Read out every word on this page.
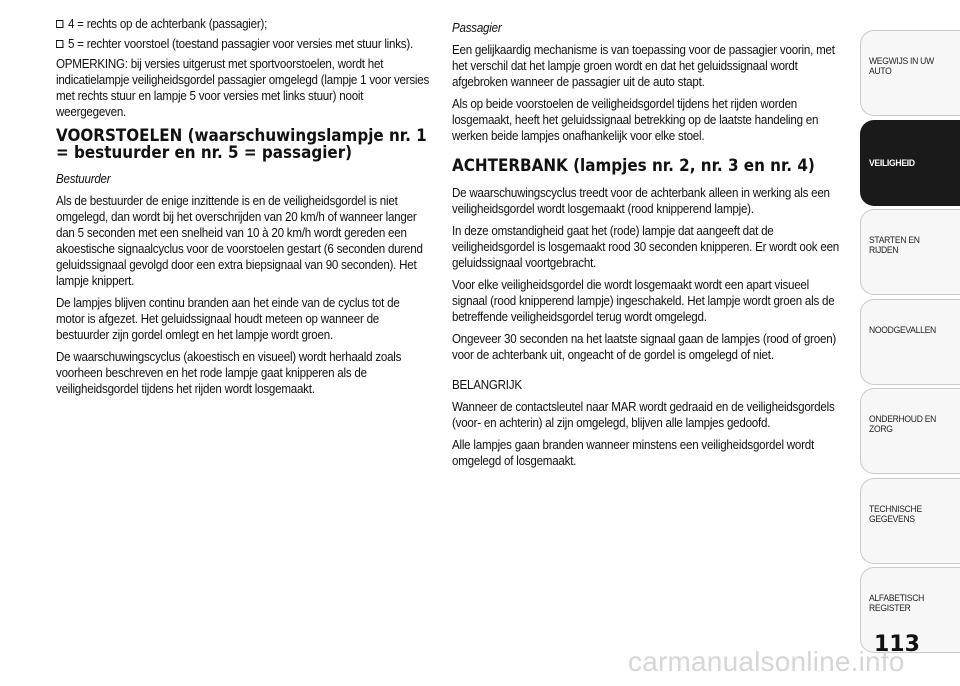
4 = rechts op de achterbank (passagier);
5 = rechter voorstoel (toestand passagier voor versies met stuur links).

OPMERKING: bij versies uitgerust met sportvoorstoelen, wordt het indicatielampje veiligheidsgordel passagier omgelegd (lampje 1 voor versies met rechts stuur en lampje 5 voor versies met links stuur) nooit weergegeven.

VOORSTOELEN (waarschuwingslampje nr. 1 = bestuurder en nr. 5 = passagier)

Bestuurder

Als de bestuurder de enige inzittende is en de veiligheidsgordel is niet omgelegd, dan wordt bij het overschrijden van 20 km/h of wanneer langer dan 5 seconden met een snelheid van 10 à 20 km/h wordt gereden een akoestische signaalcyclus voor de voorstoelen gestart (6 seconden durend geluidssignaal gevolgd door een extra biepsignaal van 90 seconden). Het lampje knippert.

De lampjes blijven continu branden aan het einde van de cyclus tot de motor is afgezet. Het geluidssignaal houdt meteen op wanneer de bestuurder zijn gordel omlegt en het lampje wordt groen.

De waarschuwingscyclus (akoestisch en visueel) wordt herhaald zoals voorheen beschreven en het rode lampje gaat knipperen als de veiligheidsgordel tijdens het rijden wordt losgemaakt.

Passagier

Een gelijkaardig mechanisme is van toepassing voor de passagier voorin, met het verschil dat het lampje groen wordt en dat het geluidssignaal wordt afgebroken wanneer de passagier uit de auto stapt.

Als op beide voorstoelen de veiligheidsgordel tijdens het rijden worden losgemaakt, heeft het geluidssignaal betrekking op de laatste handeling en werken beide lampjes onafhankelijk voor elke stoel.

ACHTERBANK (lampjes nr. 2, nr. 3 en nr. 4)

De waarschuwingscyclus treedt voor de achterbank alleen in werking als een veiligheidsgordel wordt losgemaakt (rood knipperend lampje).

In deze omstandigheid gaat het (rode) lampje dat aangeeft dat de veiligheidsgordel is losgemaakt rood 30 seconden knipperen. Er wordt ook een geluidssignaal voortgebracht.

Voor elke veiligheidsgordel die wordt losgemaakt wordt een apart visueel signaal (rood knipperend lampje) ingeschakeld. Het lampje wordt groen als de betreffende veiligheidsgordel terug wordt omgelegd.

Ongeveer 30 seconden na het laatste signaal gaan de lampjes (rood of groen) voor de achterbank uit, ongeacht of de gordel is omgelegd of niet.

BELANGRIJK

Wanneer de contactsleutel naar MAR wordt gedraaid en de veiligheidsgordels (voor- en achterin) al zijn omgelegd, blijven alle lampjes gedoofd.

Alle lampjes gaan branden wanneer minstens een veiligheidsgordel wordt omgelegd of losgemaakt.

WEGWIJS IN UW AUTO
VEILIGHEID
STARTEN EN RIJDEN
NOODGEVALLEN
ONDERHOUD EN ZORG
TECHNISCHE GEGEVENS
ALFABETISCH REGISTER
113
carmanualsonline.info
